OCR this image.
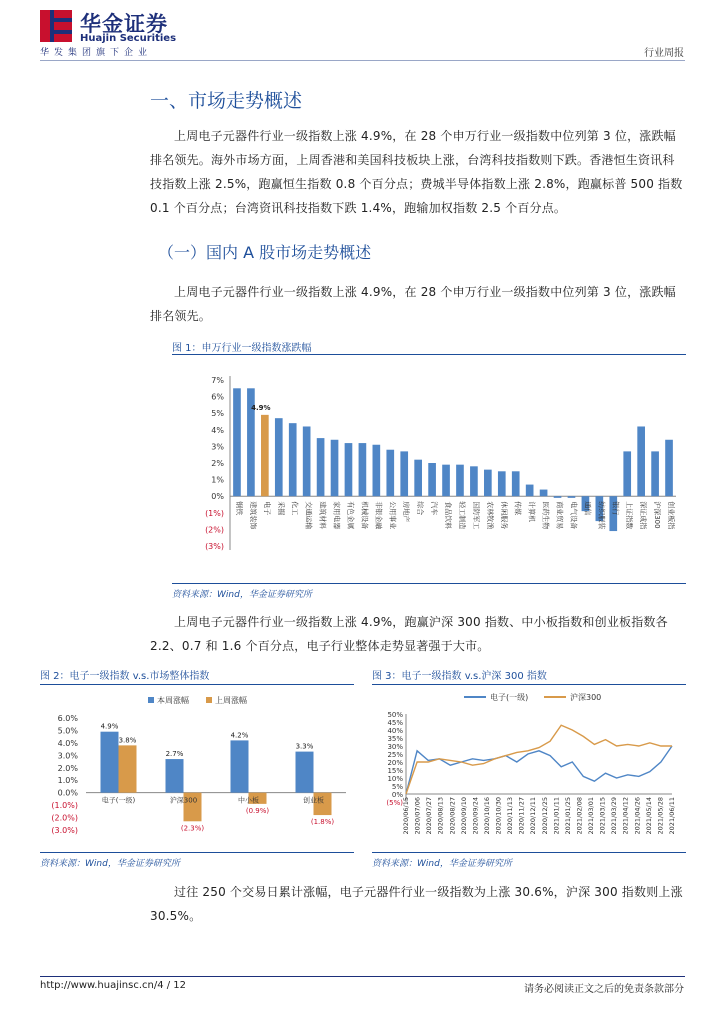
华金证券
Huajin Securities
华发集团旗下企业	行业周报
一、市场走势概述
上周电子元器件行业一级指数上涨 4.9%，在 28 个申万行业一级指数中位列第 3 位，涨跌幅排名领先。海外市场方面，上周香港和美国科技板块上涨，台湾科技指数则下跌。香港恒生资讯科技指数上涨 2.5%，跑赢恒生指数 0.8 个百分点；费城半导体指数上涨 2.8%，跑赢标普 500 指数 0.1 个百分点；台湾资讯科技指数下跌 1.4%，跑输加权指数 2.5 个百分点。
（一）国内 A 股市场走势概述
上周电子元器件行业一级指数上涨 4.9%，在 28 个申万行业一级指数中位列第 3 位，涨跌幅排名领先。
图 1：申万行业一级指数涨跌幅
7%
6%
5%
4%
3%
2%
1%
0%
(1%)
(2%)
(3%)
钢铁 建筑装饰 电子 采掘 化工 交通运输 建筑材料 家用电器 有色金属 机械设备 非银金融 公用事业 房地产 综合 汽车 食品饮料 轻工制造 国防军工 农林牧渔 休闲服务 传媒 计算机 医药生物 商业贸易 电气设备 通信 纺织服装 银行 上证指数 深证成指 沪深300 创业板指
4.9%
资料来源：Wind，华金证券研究所
上周电子元器件行业一级指数上涨 4.9%，跑赢沪深 300 指数、中小板指数和创业板指数各 2.2、0.7 和 1.6 个百分点，电子行业整体走势显著强于大市。
图 2：电子一级指数 v.s.市场整体指数
本周涨幅	上周涨幅
6.0%
5.0%
4.0%
3.0%
2.0%
1.0%
0.0%
(1.0%)
(2.0%)
(3.0%)
电子(一级)	沪深300	中小板	创业板
4.9%
3.8%
2.7%
(2.3%)
4.2%
(0.9%)
3.3%
(1.8%)
资料来源：Wind，华金证券研究所
图 3：电子一级指数 v.s.沪深 300 指数
电子(一级)	沪深300
50%
45%
40%
35%
30%
25%
20%
15%
10%
5%
0%
(5%) 2020/06/15 2020/07/06 2020/07/27 2020/08/13 2020/08/27 2020/09/10 2020/09/24 2020/10/16 2020/10/30 2020/11/13 2020/11/27 2020/12/11 2020/12/25 2021/01/11 2021/01/25 2021/02/08 2021/03/01 2021/03/15 2021/03/29 2021/04/12 2021/04/26 2021/05/14 2021/05/28 2021/06/11
资料来源：Wind，华金证券研究所
过往 250 个交易日累计涨幅，电子元器件行业一级指数为上涨 30.6%，沪深 300 指数则上涨 30.5%。
http://www.huajinsc.cn/4 / 12	请务必阅读正文之后的免责条款部分
